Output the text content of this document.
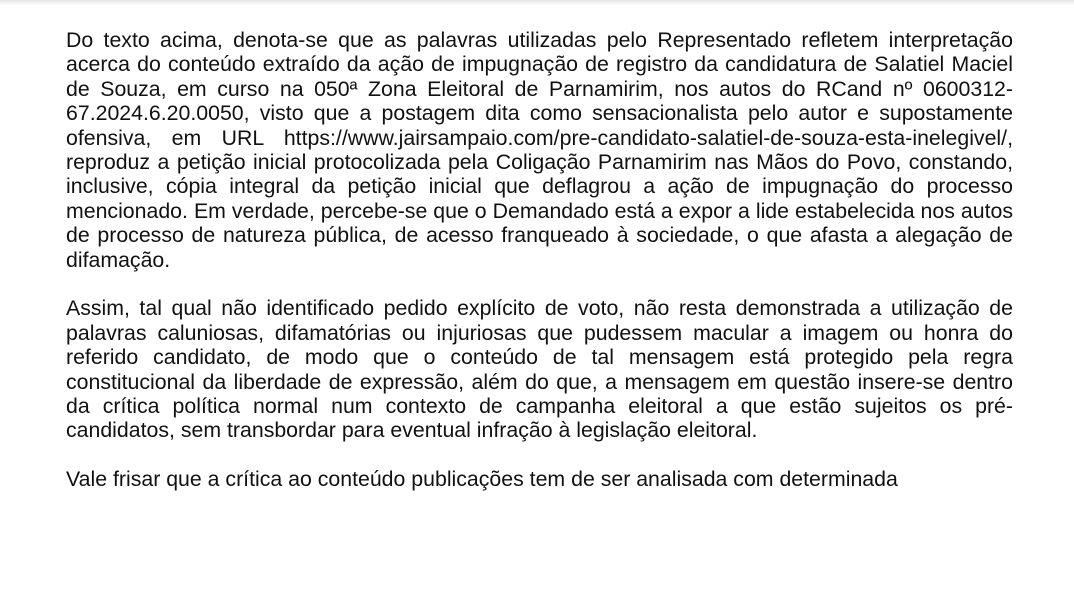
Do texto acima, denota-se que as palavras utilizadas pelo Representado refletem interpretação acerca do conteúdo extraído da ação de impugnação de registro da candidatura de Salatiel Maciel de Souza, em curso na 050ª Zona Eleitoral de Parnamirim, nos autos do RCand nº 0600312-67.2024.6.20.0050, visto que a postagem dita como sensacionalista pelo autor e supostamente ofensiva, em URL https://www.jairsampaio.com/pre-candidato-salatiel-de-souza-esta-inelegivel/, reproduz a petição inicial protocolizada pela Coligação Parnamirim nas Mãos do Povo, constando, inclusive, cópia integral da petição inicial que deflagrou a ação de impugnação do processo mencionado. Em verdade, percebe-se que o Demandado está a expor a lide estabelecida nos autos de processo de natureza pública, de acesso franqueado à sociedade, o que afasta a alegação de difamação.

Assim, tal qual não identificado pedido explícito de voto, não resta demonstrada a utilização de palavras caluniosas, difamatórias ou injuriosas que pudessem macular a imagem ou honra do referido candidato, de modo que o conteúdo de tal mensagem está protegido pela regra constitucional da liberdade de expressão, além do que, a mensagem em questão insere-se dentro da crítica política normal num contexto de campanha eleitoral a que estão sujeitos os pré-candidatos, sem transbordar para eventual infração à legislação eleitoral.

Vale frisar que a crítica ao conteúdo publicações tem de ser analisada com determinada
